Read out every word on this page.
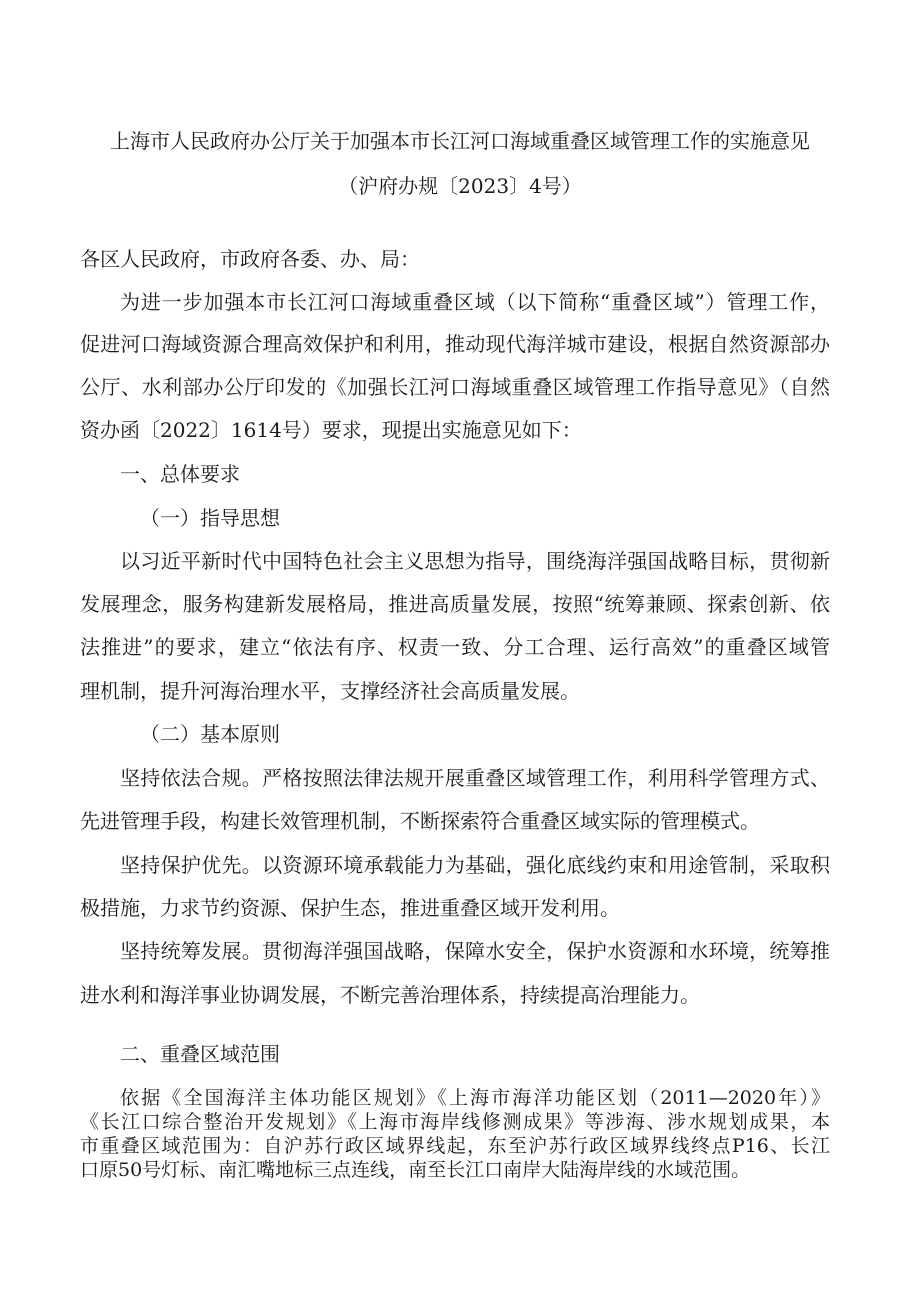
上海市人民政府办公厅关于加强本市长江河口海域重叠区域管理工作的实施意见
（沪府办规〔2023〕4号）
各区人民政府，市政府各委、办、局：
为进一步加强本市长江河口海域重叠区域（以下简称“重叠区域”）管理工作，
促进河口海域资源合理高效保护和利用，推动现代海洋城市建设，根据自然资源部办
公厅、水利部办公厅印发的《加强长江河口海域重叠区域管理工作指导意见》（自然
资办函〔2022〕1614号）要求，现提出实施意见如下：
一、总体要求
（一）指导思想
以习近平新时代中国特色社会主义思想为指导，围绕海洋强国战略目标，贯彻新
发展理念，服务构建新发展格局，推进高质量发展，按照“统筹兼顾、探索创新、依
法推进”的要求，建立“依法有序、权责一致、分工合理、运行高效”的重叠区域管
理机制，提升河海治理水平，支撑经济社会高质量发展。
（二）基本原则
坚持依法合规。严格按照法律法规开展重叠区域管理工作，利用科学管理方式、
先进管理手段，构建长效管理机制，不断探索符合重叠区域实际的管理模式。
坚持保护优先。以资源环境承载能力为基础，强化底线约束和用途管制，采取积
极措施，力求节约资源、保护生态，推进重叠区域开发利用。
坚持统筹发展。贯彻海洋强国战略，保障水安全，保护水资源和水环境，统筹推
进水利和海洋事业协调发展，不断完善治理体系，持续提高治理能力。
二、重叠区域范围
依据《全国海洋主体功能区规划》《上海市海洋功能区划（2011—2020年）》
《长江口综合整治开发规划》《上海市海岸线修测成果》等涉海、涉水规划成果，本
市重叠区域范围为：自沪苏行政区域界线起，东至沪苏行政区域界线终点P16、长江
口原50号灯标、南汇嘴地标三点连线，南至长江口南岸大陆海岸线的水域范围。
